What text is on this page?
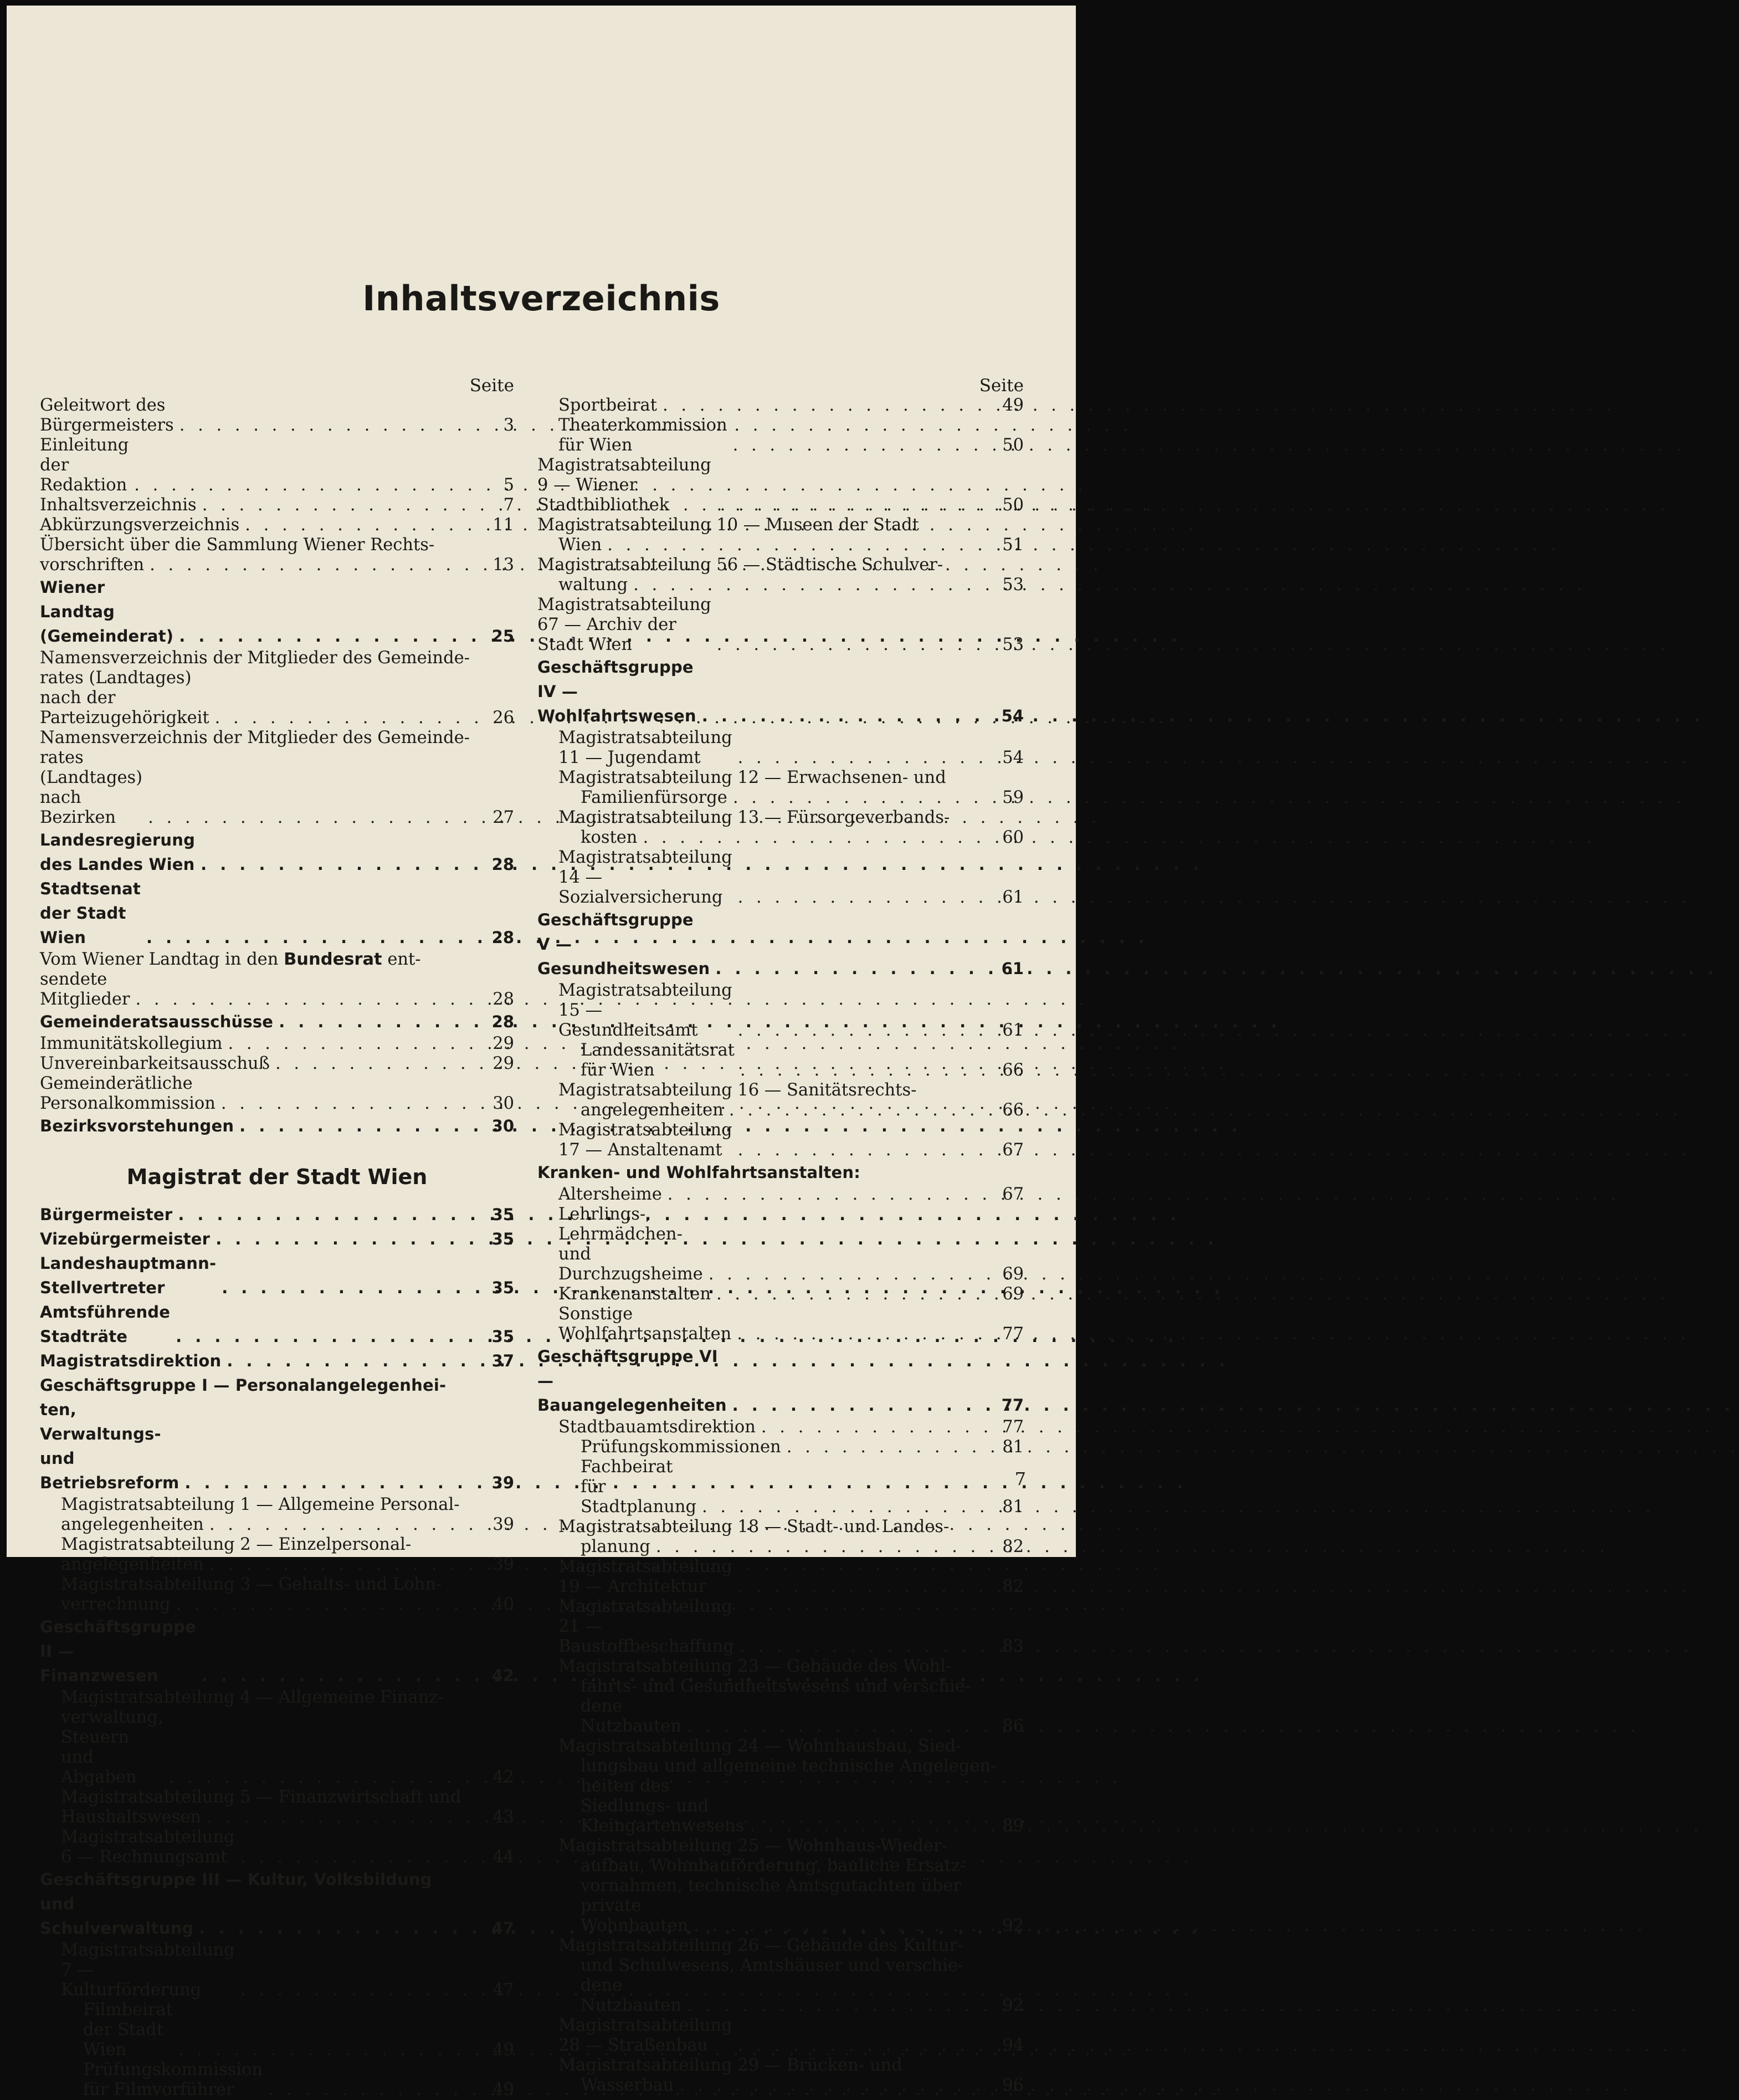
Inhaltsverzeichnis
Seite
Geleitwort des Bürgermeisters . . .	3
Einleitung der Redaktion . . .	5
Inhaltsverzeichnis . . .	7
Abkürzungsverzeichnis . . .	11
Übersicht über die Sammlung Wiener Rechts-
vorschriften . . .	13
Wiener Landtag (Gemeinderat) . . .	25
Namensverzeichnis der Mitglieder des Gemeinde-
rates (Landtages) nach der Parteizugehörigkeit . . .	26
Namensverzeichnis der Mitglieder des Gemeinde-
rates (Landtages) nach Bezirken . . .	27
Landesregierung des Landes Wien . . .	28
Stadtsenat der Stadt Wien . . .	28
Vom Wiener Landtag in den Bundesrat ent-
sendete Mitglieder . . .	28
Gemeinderatsausschüsse . . .	28
Immunitätskollegium . . .	29
Unvereinbarkeitsausschuß . . .	29
Gemeinderätliche Personalkommission . . .	30
Bezirksvorstehungen . . .	30
Magistrat der Stadt Wien
Bürgermeister . . .	35
Vizebürgermeister . . .	35
Landeshauptmann-Stellvertreter . . .	35
Amtsführende Stadträte . . .	35
Magistratsdirektion . . .	37
Geschäftsgruppe I — Personalangelegenhei-
ten, Verwaltungs- und Betriebsreform . . .	39
Magistratsabteilung 1 — Allgemeine Personal-
angelegenheiten . . .	39
Magistratsabteilung 2 — Einzelpersonal-
angelegenheiten . . .	39
Magistratsabteilung 3 — Gehalts- und Lohn-
verrechnung . . .	40
Geschäftsgruppe II — Finanzwesen . . .	42
Magistratsabteilung 4 — Allgemeine Finanz-
verwaltung, Steuern und Abgaben . . .	42
Magistratsabteilung 5 — Finanzwirtschaft und
Haushaltswesen . . .	43
Magistratsabteilung 6 — Rechnungsamt . . .	44
Geschäftsgruppe III — Kultur, Volksbildung
und Schulverwaltung . . .	47
Magistratsabteilung 7 — Kulturförderung . . .	47
Filmbeirat der Stadt Wien . . .	49
Prüfungskommission für Filmvorführer . . .	49
Seite
Sportbeirat . . .	49
Theaterkommission für Wien . . .	50
Magistratsabteilung 9 — Wiener Stadtbibliothek . . .	50
Magistratsabteilung 10 — Museen der Stadt
Wien . . .	51
Magistratsabteilung 56 — Städtische Schulver-
waltung . . .	53
Magistratsabteilung 67 — Archiv der Stadt Wien . . .	53
Geschäftsgruppe IV — Wohlfahrtswesen . . .	54
Magistratsabteilung 11 — Jugendamt . . .	54
Magistratsabteilung 12 — Erwachsenen- und
Familienfürsorge . . .	59
Magistratsabteilung 13 — Fürsorgeverbands-
kosten . . .	60
Magistratsabteilung 14 — Sozialversicherung . . .	61
Geschäftsgruppe V — Gesundheitswesen . . .	61
Magistratsabteilung 15 — Gesundheitsamt . . .	61
Landessanitätsrat für Wien . . .	66
Magistratsabteilung 16 — Sanitätsrechts-
angelegenheiten . . .	66
Magistratsabteilung 17 — Anstaltenamt . . .	67
Kranken- und Wohlfahrtsanstalten:
Altersheime . . .	67
Lehrlings-, Lehrmädchen- und Durchzugsheime . . .	69
Krankenanstalten . . .	69
Sonstige Wohlfahrtsanstalten . . .	77
Geschäftsgruppe VI — Bauangelegenheiten . . .	77
Stadtbauamtsdirektion . . .	77
Prüfungskommissionen . . .	81
Fachbeirat für Stadtplanung . . .	81
Magistratsabteilung 18 — Stadt- und Landes-
planung . . .	82
Magistratsabteilung 19 — Architektur . . .	82
Magistratsabteilung 21 — Baustoffbeschaffung . . .	83
Magistratsabteilung 23 — Gebäude des Wohl-
fahrts- und Gesundheitswesens und verschie-
dene Nutzbauten . . .	86
Magistratsabteilung 24 — Wohnhausbau, Sied-
lungsbau und allgemeine technische Angelegen-
heiten des Siedlungs- und Kleingartenwesens . . .	89
Magistratsabteilung 25 — Wohnhaus-Wieder-
aufbau, Wohnbauförderung, bauliche Ersatz-
vornahmen, technische Amtsgutachten über
private Wohnbauten . . .	92
Magistratsabteilung 26 — Gebäude des Kultur-
und Schulwesens, Amtshäuser und verschie-
dene Nutzbauten . . .	92
Magistratsabteilung 28 — Straßenbau . . .	94
Magistratsabteilung 29 — Brücken- und
Wasserbau . . .	96
7
